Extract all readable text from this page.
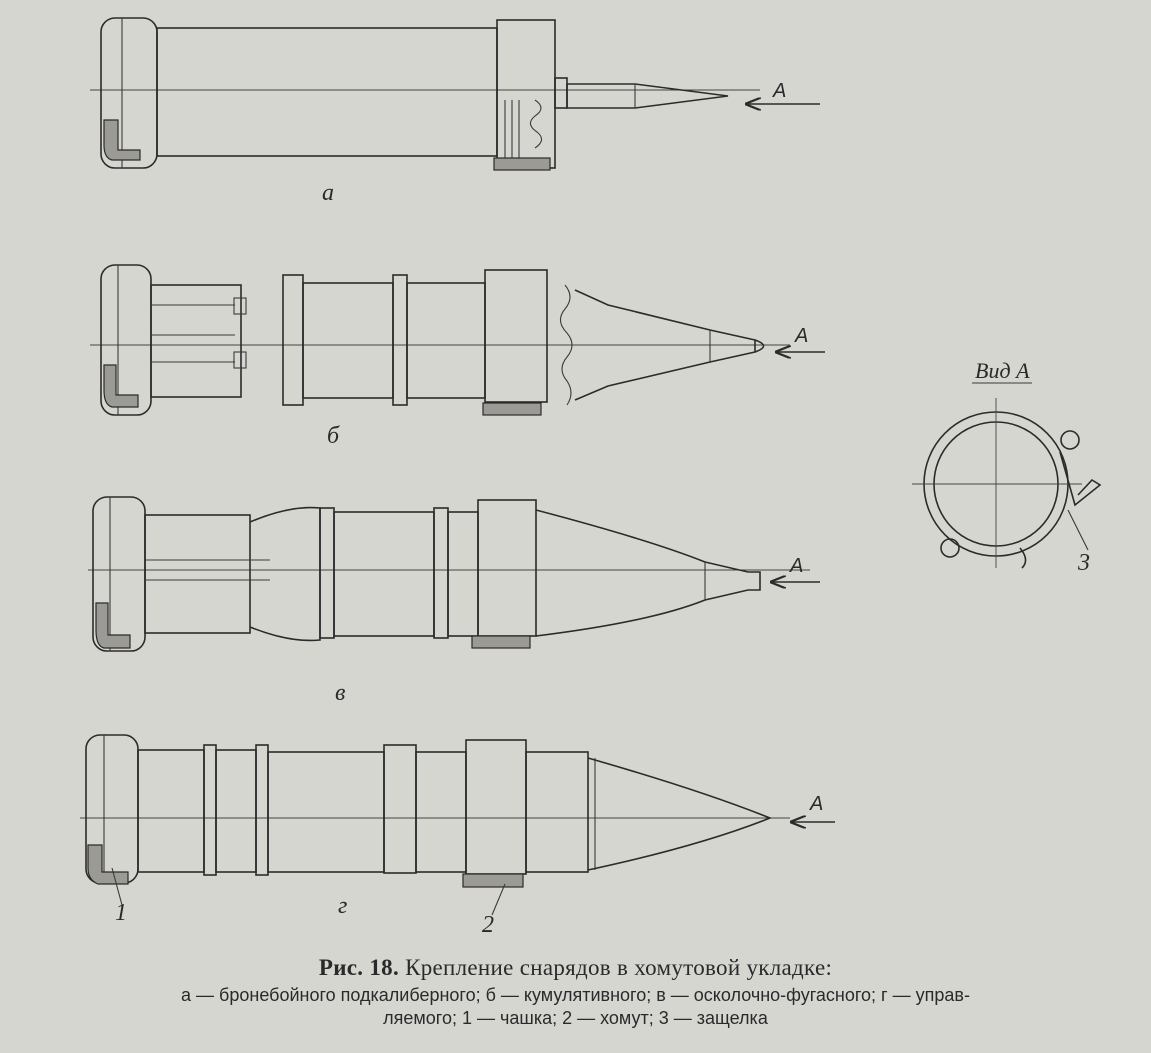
A
а
A
б
A
в
A
г
1	2
Вид A
3
Рис. 18. Крепление снарядов в хомутовой укладке:
а — бронебойного подкалиберного; б — кумулятивного; в — осколочно-фугасного; г — управ-
ляемого; 1 — чашка; 2 — хомут; 3 — защелка
